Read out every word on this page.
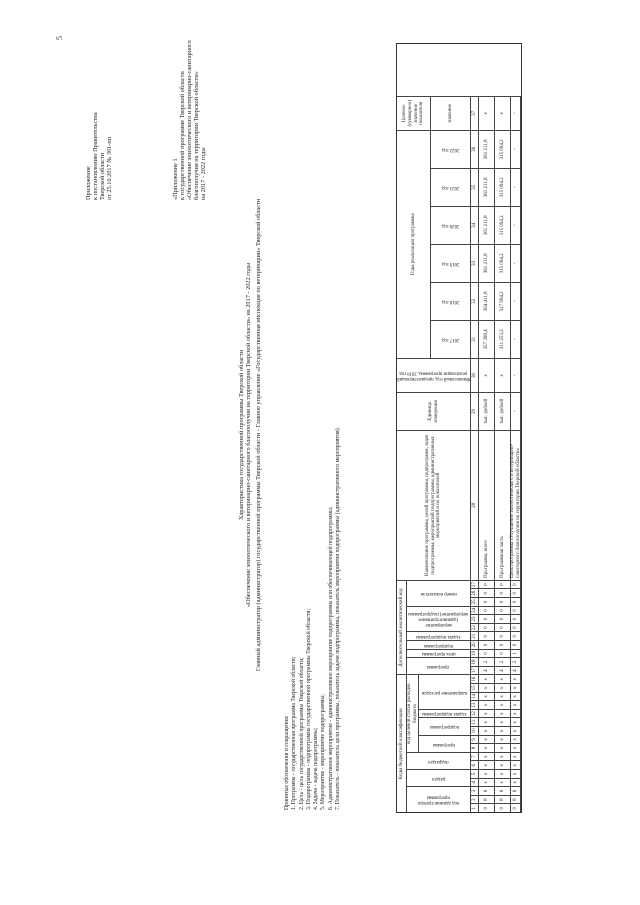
5
Приложение к постановлению Правительства Тверской области от 25.10.2017 № 361-пп	«Приложение 1 к государственной программе Тверской области «Обеспечение эпизоотического и ветеринарно-санитарного благополучия на территории Тверской области» на 2017 - 2022 годы
Характеристика государственной программы Тверской области «Обеспечение эпизоотического и ветеринарно-санитарного благополучия на территории Тверской области» на 2017 - 2022 годы Главный администратор (администратор) государственной программы Тверской области - Главное управление «Государственная инспекция по ветеринарии» Тверской области
Принятые обозначения и сокращения: 1. Программа - государственная программа Тверской области; 2. Цель - цель государственной программы Тверской области; 3. Подпрограмма - подпрограмма государственной программы Тверской области; 4. Задача - задача подпрограммы; 5. Мероприятие - мероприятие подпрограммы; 6. Административное мероприятие - административное мероприятие подпрограммы или обеспечивающей подпрограммы; 7. Показатель - показатель цели программы, показатель задачи подпрограммы, показатель мероприятия подпрограммы (административного мероприятия).	Коды бюджетной классификации
Дополнительный аналитический код
Наименование программы, целей программы, подпрограмм, задач подпрограммы, мероприятий подпрограммы, административных мероприятий и их показателей
Единица измерения
Финансовый год, предшествующий реализации программы, 2016 год
Годы реализации программы
Целевое (суммарное) значение показателя
код администратора программы
раздел
подраздел
код целевой статьи расходов бюджета
программа
подпрограмма
задача подпрограммы
направление расходов
программа
цель программы
подпрограмма
задача подпрограммы
мероприятие (административное мероприятие) подпрограммы
номер показателя
2017 год
2018 год
2019 год
2020 год
2021 год
2022 год
значение
1
2
3
4
5
6
7
8
9
10
11
12
13
14
15
16
17
18
19
20
21
22
23
24
25
26
27
28
29
30
31
32
33
34
35
36
37
0
8
6
х
х
х
х
х
х
х
х
х
х
х
х
х
4
2
0
0
0
0
0
0
0
0
0
Программа, всего
тыс. рублей
х
357 398,4
364 411,8
361 211,8
361 211,8
361 211,8
361 211,8
х
0
8
6
х
х
х
х
х
х
х
х
х
х
х
х
х
4
2
0
0
0
0
0
0
0
0
0
Программная часть
тыс. рублей
х
311 253,2
317 994,2
315 094,2
315 094,2
315 094,2
315 094,2
х
0
8
6
х
х
х
х
х
х
х
х
х
х
х
х
х
4
2
1
0
0
0
0
0
0
0
0
Цель программы «Улучшение эпизоотического и ветеринарно-санитарного благополучия на территории Тверской области»
-
-
-
-
-
-
-
-
-
